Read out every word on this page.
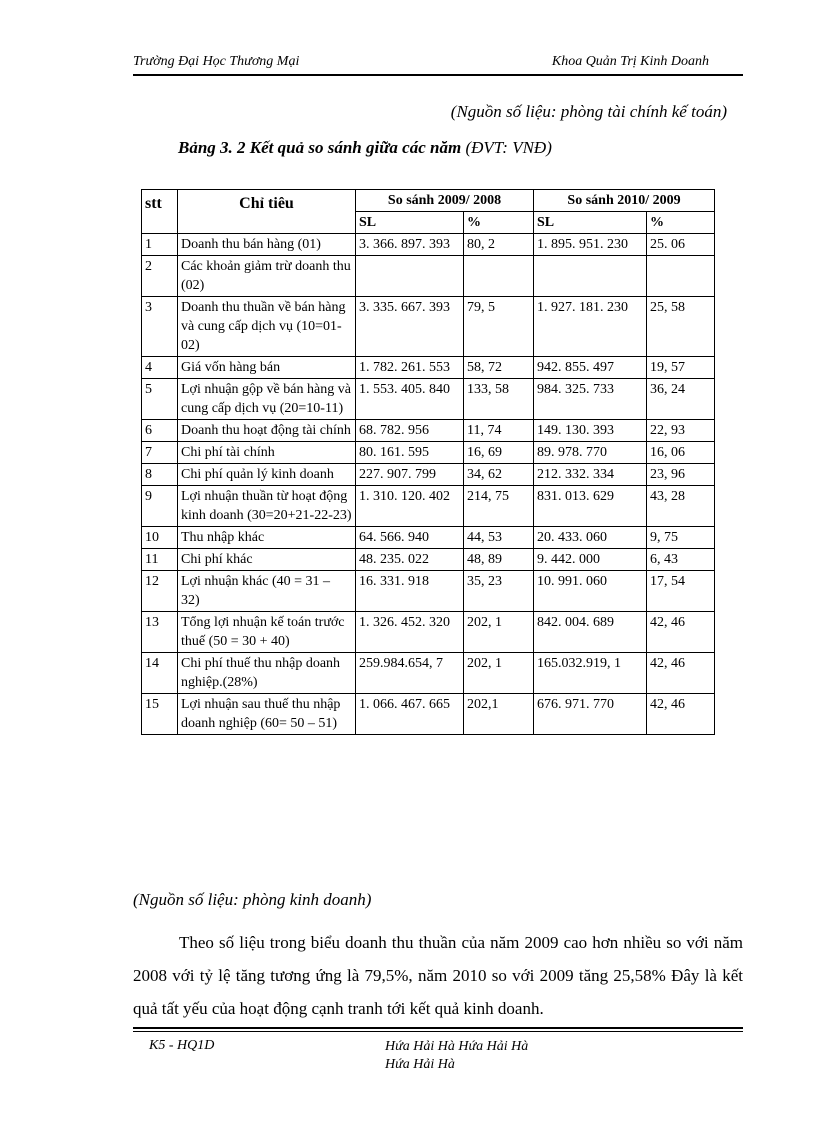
Trường Đại Học Thương Mại	Khoa Quản Trị Kinh Doanh
(Nguồn số liệu: phòng tài chính kế toán)
Bảng 3. 2 Kết quả so sánh giữa các năm (ĐVT: VNĐ)
stt	Chỉ tiêu	So sánh 2009/ 2008		So sánh 2010/ 2009	
		SL	%	SL	%
1	Doanh thu bán hàng (01)	3. 366. 897. 393	80, 2	1. 895. 951. 230	25. 06
2	Các khoản giảm trừ doanh thu (02)				
3	Doanh thu thuần về bán hàng và cung cấp dịch vụ (10=01-02)	3. 335. 667. 393	79, 5	1. 927. 181. 230	25, 58
4	Giá vốn hàng bán	1. 782. 261. 553	58, 72	942. 855. 497	19, 57
5	Lợi nhuận gộp về bán hàng và cung cấp dịch vụ (20=10-11)	1. 553. 405. 840	133, 58	984. 325. 733	36, 24
6	Doanh thu hoạt động tài chính	68. 782. 956	11, 74	149. 130. 393	22, 93
7	Chi phí tài chính	80. 161. 595	16, 69	89. 978. 770	16, 06
8	Chi phí quản lý kinh doanh	227. 907. 799	34, 62	212. 332. 334	23, 96
9	Lợi nhuận thuần từ hoạt động kinh doanh (30=20+21-22-23)	1. 310. 120. 402	214, 75	831. 013. 629	43, 28
10	Thu nhập khác	64. 566. 940	44, 53	20. 433. 060	9, 75
11	Chi phí khác	48. 235. 022	48, 89	9. 442. 000	6, 43
12	Lợi nhuận khác (40 = 31 – 32)	16. 331. 918	35, 23	10. 991. 060	17, 54
13	Tổng lợi nhuận kế toán trước thuế (50 = 30 + 40)	1. 326. 452. 320	202, 1	842. 004. 689	42, 46
14	Chi phí thuế thu nhập doanh nghiệp.(28%)	259.984.654, 7	202, 1	165.032.919, 1	42, 46
15	Lợi nhuận sau thuế thu nhập doanh nghiệp (60= 50 – 51)	1. 066. 467. 665	202,1	676. 971. 770	42, 46
(Nguồn số liệu: phòng kinh doanh)
Theo số liệu trong biểu doanh thu thuần của năm 2009 cao hơn nhiều so với năm 2008 với tỷ lệ tăng tương ứng là 79,5%, năm 2010 so với 2009 tăng 25,58% Đây là kết quả tất yếu của hoạt động cạnh tranh tới kết quả kinh doanh.
K5 - HQ1D	Hứa Hải Hà Hứa Hải Hà
Hứa Hải Hà
